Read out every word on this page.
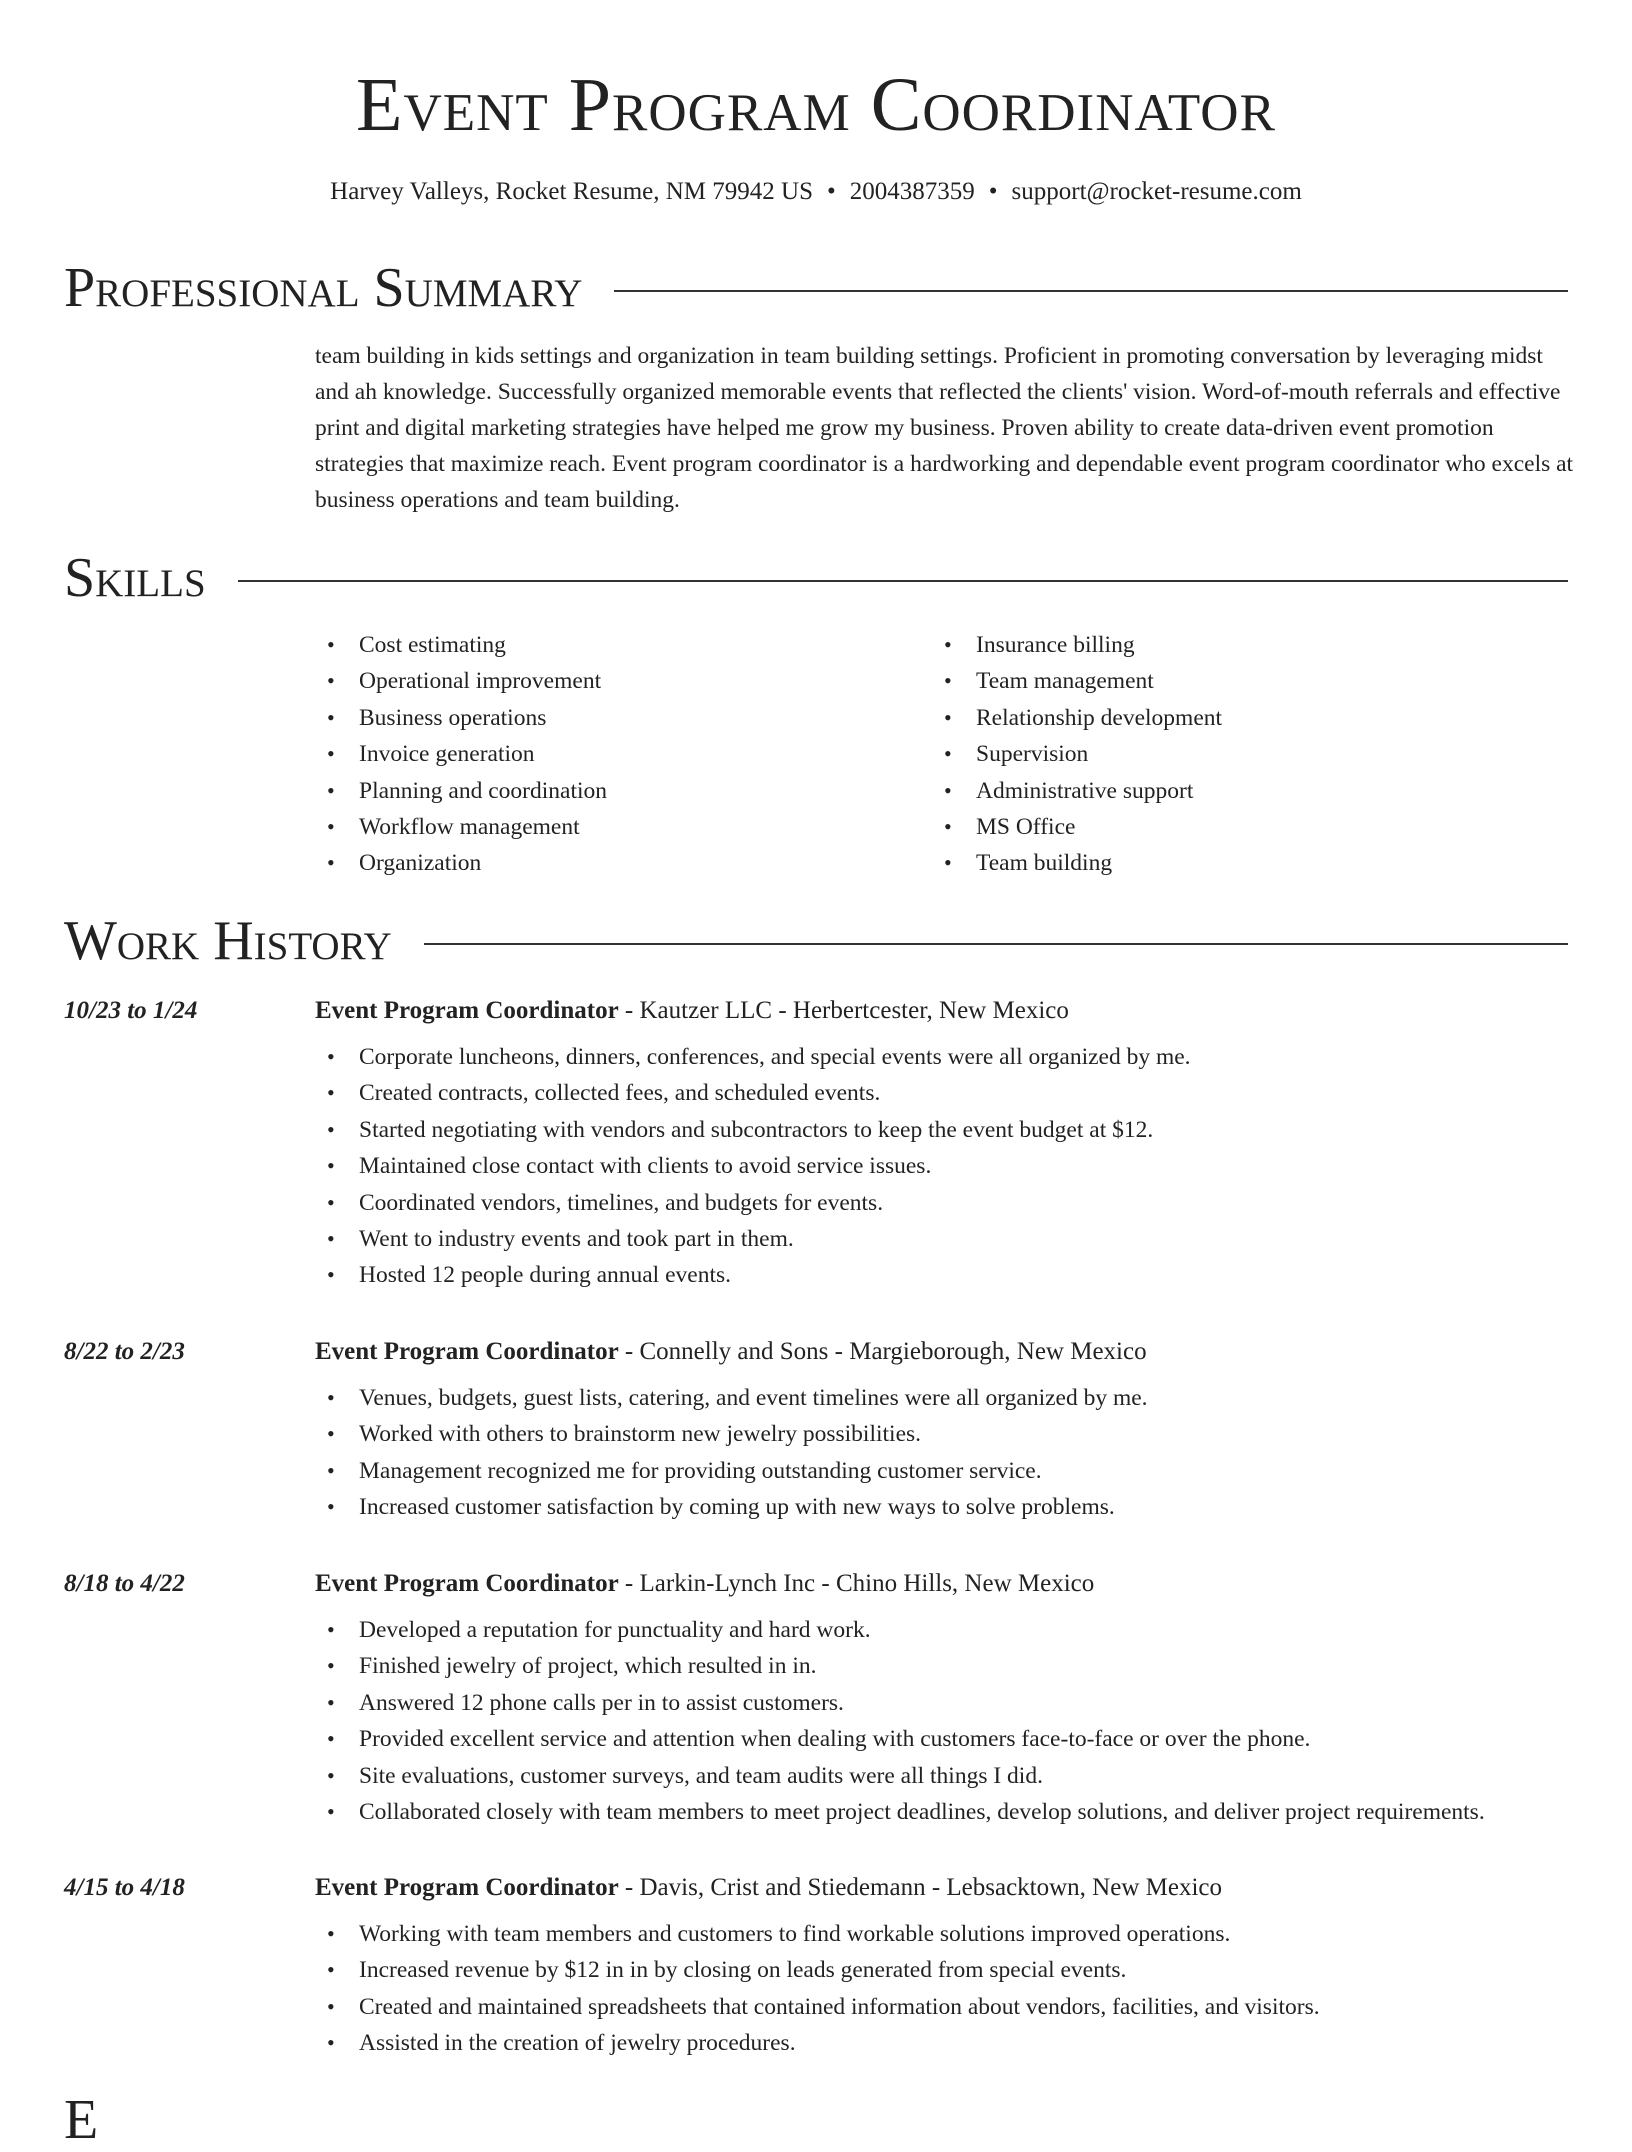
Event Program Coordinator
Harvey Valleys, Rocket Resume, NM 79942 US • 2004387359 • support@rocket-resume.com
Professional Summary

team building in kids settings and organization in team building settings. Proficient in promoting conversation by leveraging midst and ah knowledge. Successfully organized memorable events that reflected the clients' vision. Word-of-mouth referrals and effective print and digital marketing strategies have helped me grow my business. Proven ability to create data-driven event promotion strategies that maximize reach. Event program coordinator is a hardworking and dependable event program coordinator who excels at business operations and team building.

Skills
• Cost estimating
• Operational improvement
• Business operations
• Invoice generation
• Planning and coordination
• Workflow management
• Organization
• Insurance billing
• Team management
• Relationship development
• Supervision
• Administrative support
• MS Office
• Team building
Work History
10/23 to 1/24	Event Program Coordinator - Kautzer LLC - Herbertcester, New Mexico
• Corporate luncheons, dinners, conferences, and special events were all organized by me.
• Created contracts, collected fees, and scheduled events.
• Started negotiating with vendors and subcontractors to keep the event budget at $12.
• Maintained close contact with clients to avoid service issues.
• Coordinated vendors, timelines, and budgets for events.
• Went to industry events and took part in them.
• Hosted 12 people during annual events.
8/22 to 2/23	Event Program Coordinator - Connelly and Sons - Margieborough, New Mexico
• Venues, budgets, guest lists, catering, and event timelines were all organized by me.
• Worked with others to brainstorm new jewelry possibilities.
• Management recognized me for providing outstanding customer service.
• Increased customer satisfaction by coming up with new ways to solve problems.
8/18 to 4/22	Event Program Coordinator - Larkin-Lynch Inc - Chino Hills, New Mexico
• Developed a reputation for punctuality and hard work.
• Finished jewelry of project, which resulted in in.
• Answered 12 phone calls per in to assist customers.
• Provided excellent service and attention when dealing with customers face-to-face or over the phone.
• Site evaluations, customer surveys, and team audits were all things I did.
• Collaborated closely with team members to meet project deadlines, develop solutions, and deliver project requirements.
4/15 to 4/18	Event Program Coordinator - Davis, Crist and Stiedemann - Lebsacktown, New Mexico
• Working with team members and customers to find workable solutions improved operations.
• Increased revenue by $12 in in by closing on leads generated from special events.
• Created and maintained spreadsheets that contained information about vendors, facilities, and visitors.
• Assisted in the creation of jewelry procedures.
E
